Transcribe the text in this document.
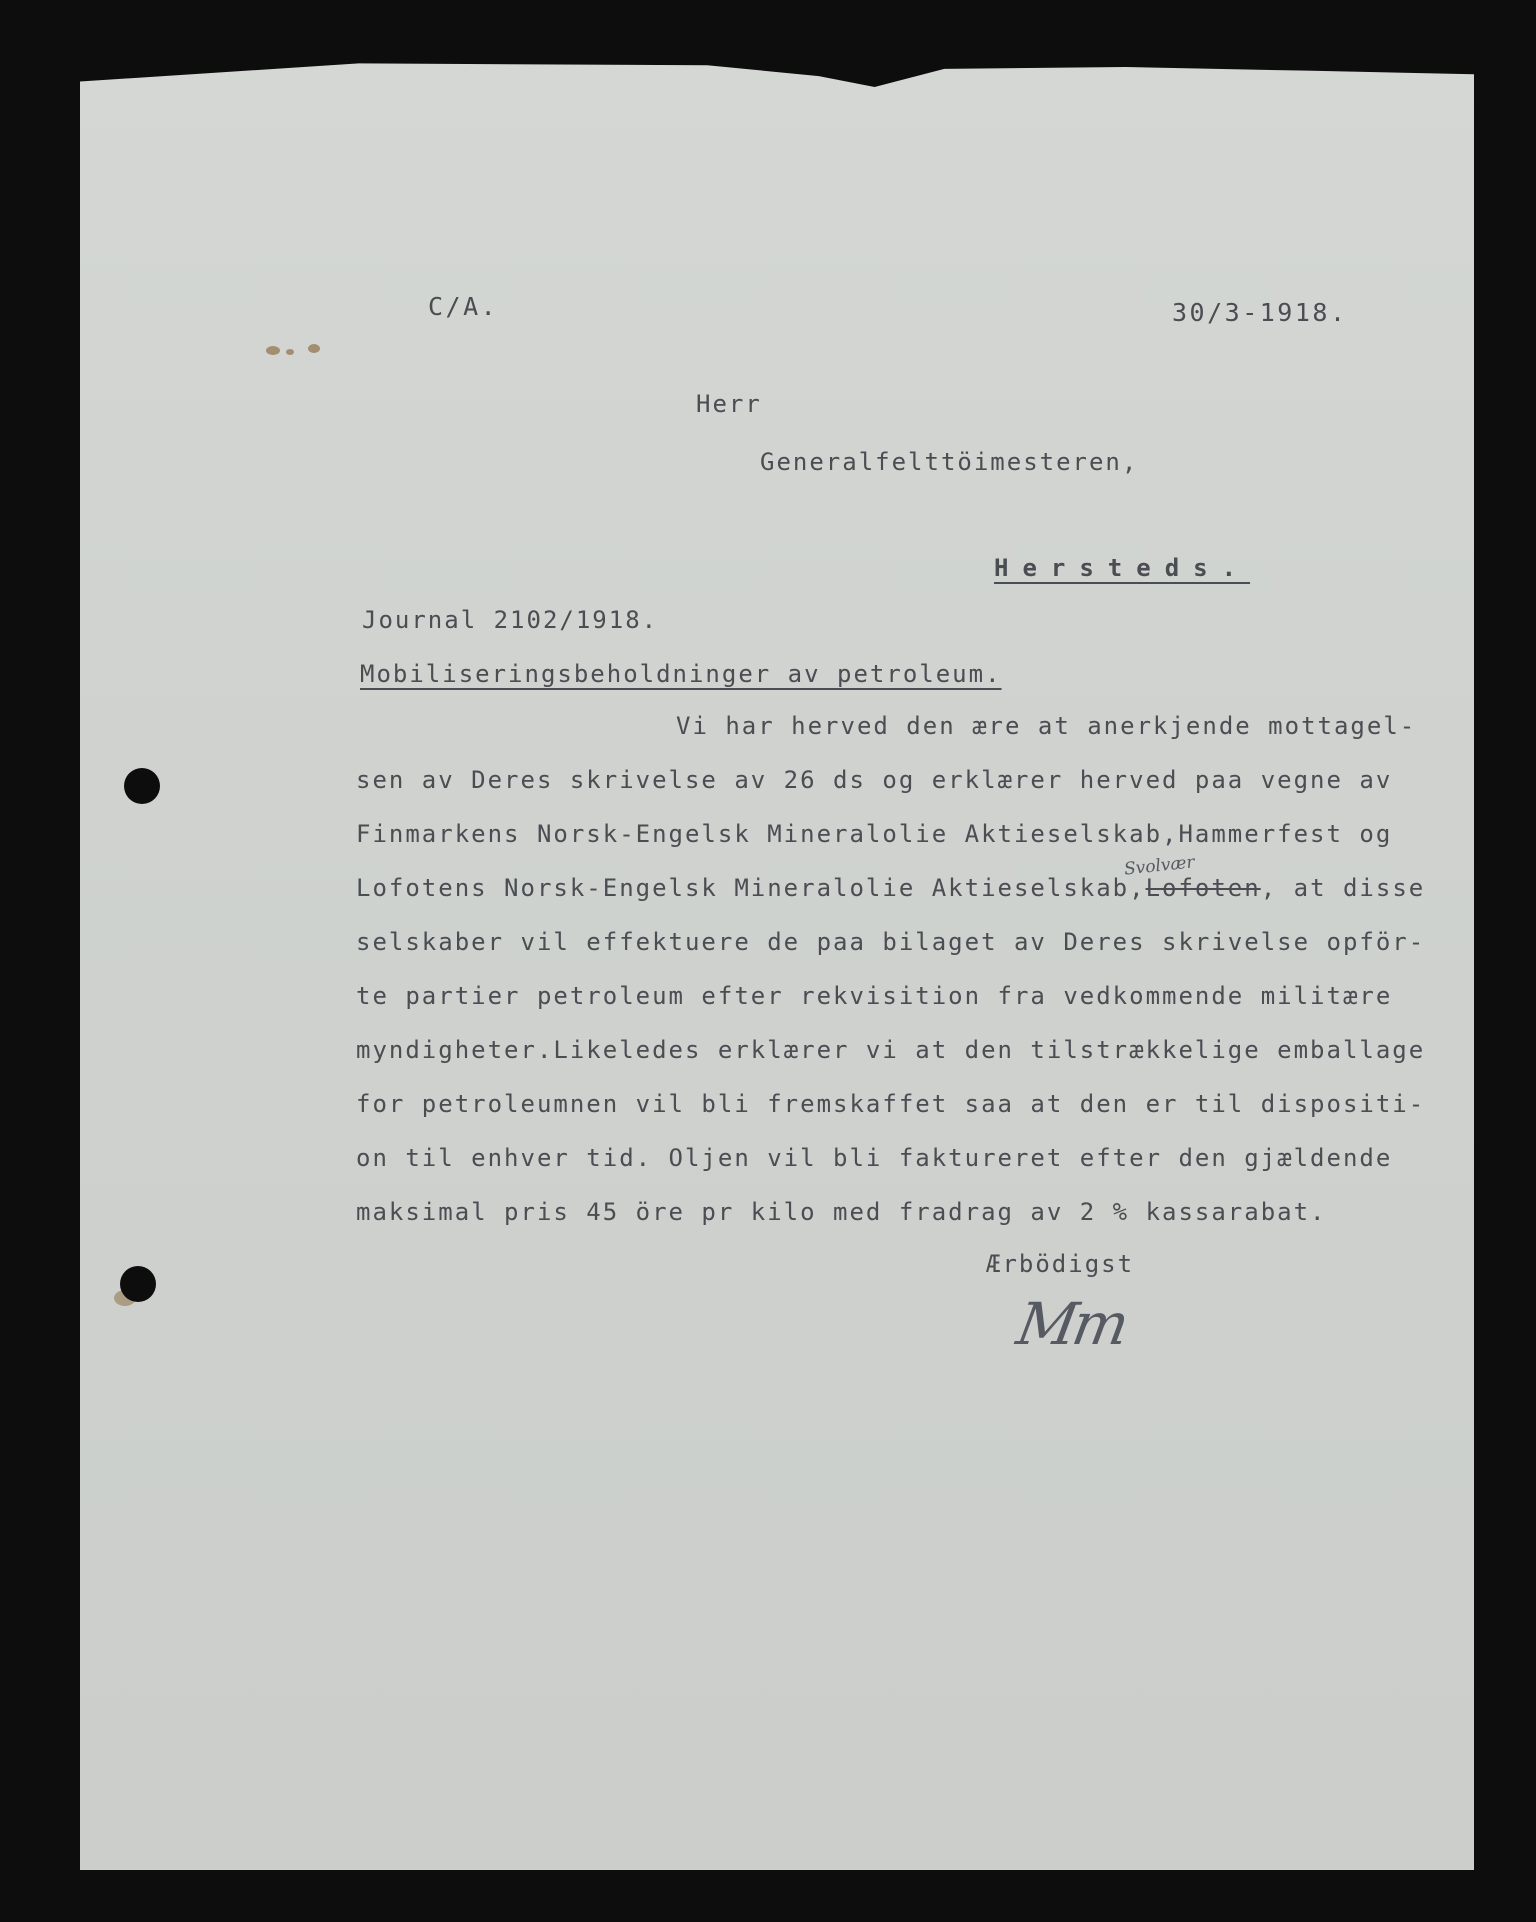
C/A.	30/3-1918.
Herr
Generalfelttöimesteren,
Hersteds.
Journal 2102/1918.
Mobiliseringsbeholdninger av petroleum.
Vi har herved den ære at anerkjende mottagel-
sen av Deres skrivelse av 26 ds og erklærer herved paa vegne av
Finmarkens Norsk-Engelsk Mineralolie Aktieselskab,Hammerfest og
Lofotens Norsk-Engelsk Mineralolie Aktieselskab,Lofoten, at disse
Svolvær
selskaber vil effektuere de paa bilaget av Deres skrivelse opför-
te partier petroleum efter rekvisition fra vedkommende militære
myndigheter.Likeledes erklærer vi at den tilstrækkelige emballage
for petroleumnen vil bli fremskaffet saa at den er til dispositi-
on til enhver tid. Oljen vil bli faktureret efter den gjældende
maksimal pris 45 öre pr kilo med fradrag av 2 % kassarabat.
Ærbödigst
Mm
